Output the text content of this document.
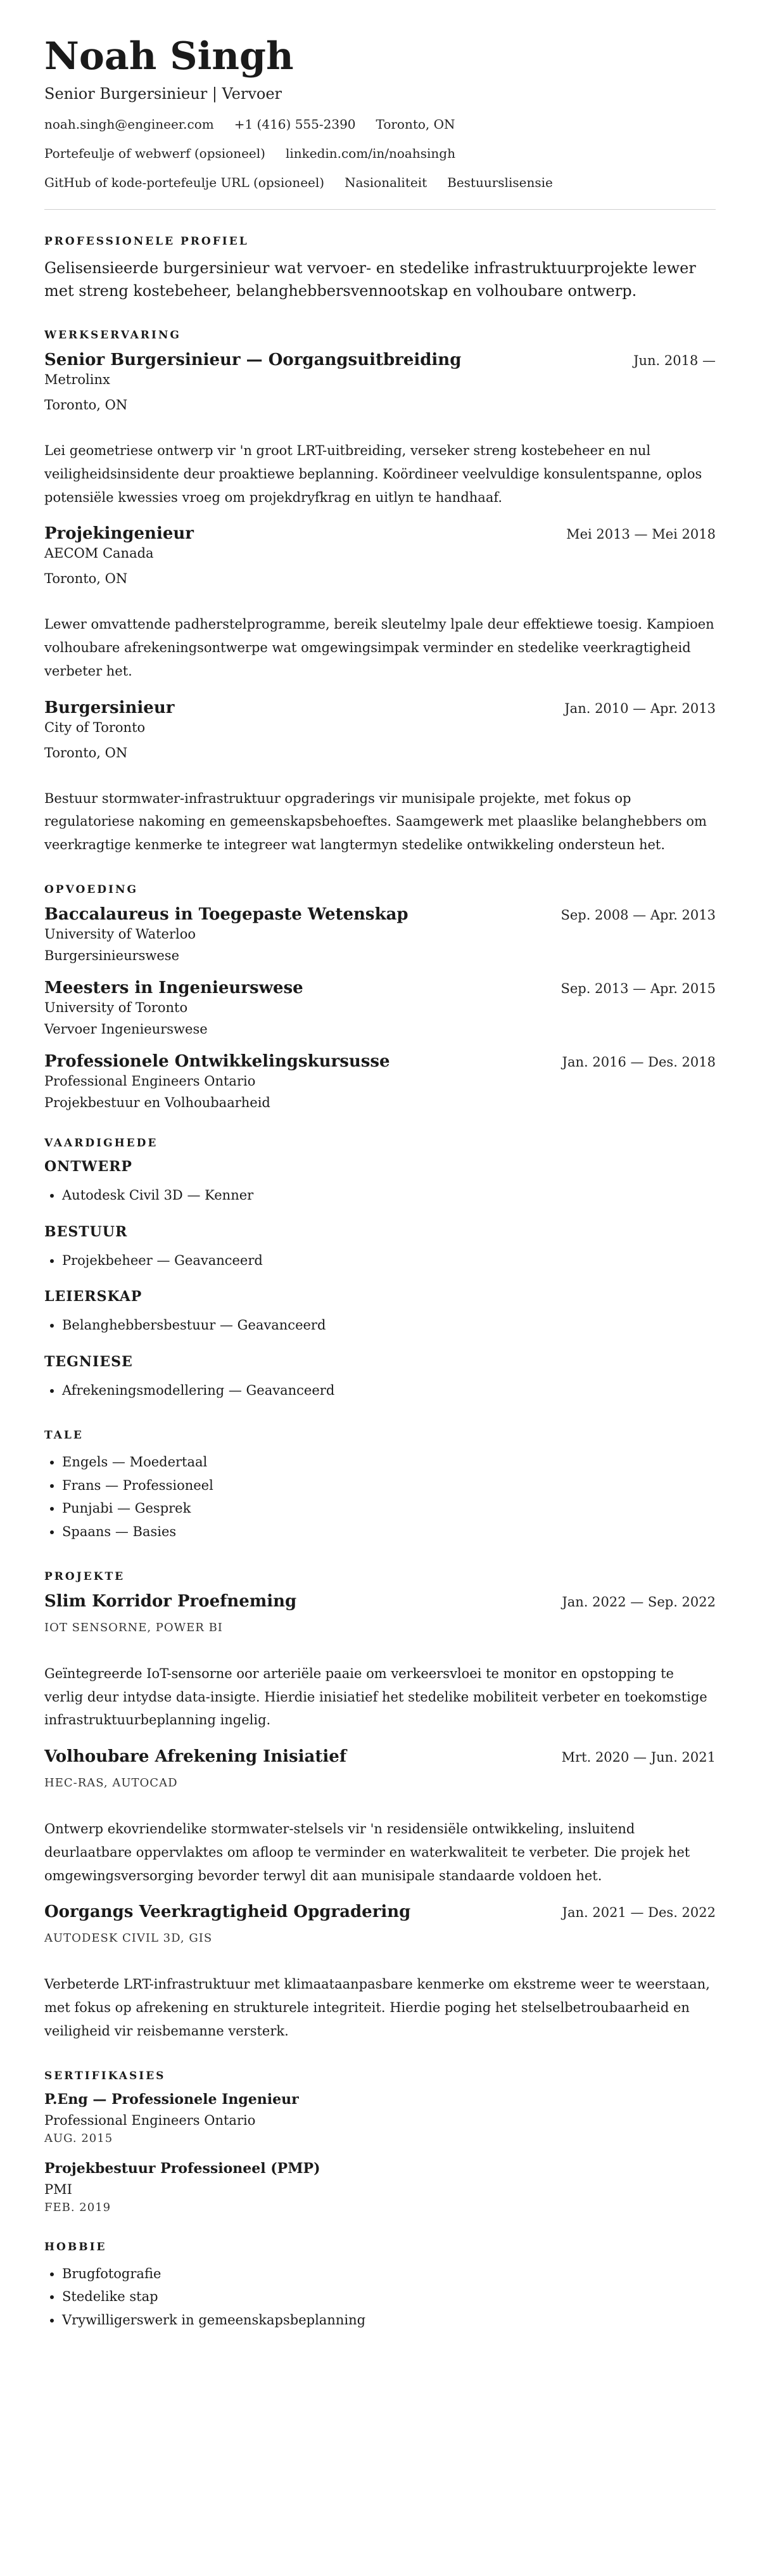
Noah Singh
Senior Burgersinieur | Vervoer
noah.singh@engineer.com +1 (416) 555-2390 Toronto, ON
Portefeulje of webwerf (opsioneel) linkedin.com/in/noahsingh
GitHub of kode-portefeulje URL (opsioneel) Nasionaliteit Bestuurslisensie
PROFESSIONELE PROFIEL
Gelisensieerde burgersinieur wat vervoer- en stedelike infrastruktuurprojekte lewer met streng kostebeheer, belanghebbersvennootskap en volhoubare ontwerp.
WERKSERVARING
Senior Burgersinieur — Oorgangsuitbreiding	Jun. 2018 —
Metrolinx
Toronto, ON
Lei geometriese ontwerp vir 'n groot LRT-uitbreiding, verseker streng kostebeheer en nul veiligheidsinsidente deur proaktiewe beplanning. Koördineer veelvuldige konsulentspanne, oplos potensiële kwessies vroeg om projekdryfkrag en uitlyn te handhaaf.
Projekingenieur	Mei 2013 — Mei 2018
AECOM Canada
Toronto, ON
Lewer omvattende padherstelprogramme, bereik sleutelmy lpale deur effektiewe toesig. Kampioen volhoubare afrekeningsontwerpe wat omgewingsimpak verminder en stedelike veerkragtigheid verbeter het.
Burgersinieur	Jan. 2010 — Apr. 2013
City of Toronto
Toronto, ON
Bestuur stormwater-infrastruktuur opgraderings vir munisipale projekte, met fokus op regulatoriese nakoming en gemeenskapsbehoeftes. Saamgewerk met plaaslike belanghebbers om veerkragtige kenmerke te integreer wat langtermyn stedelike ontwikkeling ondersteun het.
OPVOEDING
Baccalaureus in Toegepaste Wetenskap	Sep. 2008 — Apr. 2013
University of Waterloo
Burgersinieurswese
Meesters in Ingenieurswese	Sep. 2013 — Apr. 2015
University of Toronto
Vervoer Ingenieurswese
Professionele Ontwikkelingskursusse	Jan. 2016 — Des. 2018
Professional Engineers Ontario
Projekbestuur en Volhoubaarheid
VAARDIGHEDE
ONTWERP
• Autodesk Civil 3D — Kenner
BESTUUR
• Projekbeheer — Geavanceerd
LEIERSKAP
• Belanghebbersbestuur — Geavanceerd
TEGNIESE
• Afrekeningsmodellering — Geavanceerd
TALE
• Engels — Moedertaal
• Frans — Professioneel
• Punjabi — Gesprek
• Spaans — Basies
PROJEKTE
Slim Korridor Proefneming	Jan. 2022 — Sep. 2022
IOT SENSORNE, POWER BI
Geïntegreerde IoT-sensorne oor arteriële paaie om verkeersvloei te monitor en opstopping te verlig deur intydse data-insigte. Hierdie inisiatief het stedelike mobiliteit verbeter en toekomstige infrastruktuurbeplanning ingelig.
Volhoubare Afrekening Inisiatief	Mrt. 2020 — Jun. 2021
HEC-RAS, AUTOCAD
Ontwerp ekovriendelike stormwater-stelsels vir 'n residensiële ontwikkeling, insluitend deurlaatbare oppervlaktes om afloop te verminder en waterkwaliteit te verbeter. Die projek het omgewingsversorging bevorder terwyl dit aan munisipale standaarde voldoen het.
Oorgangs Veerkragtigheid Opgradering	Jan. 2021 — Des. 2022
AUTODESK CIVIL 3D, GIS
Verbeterde LRT-infrastruktuur met klimaataanpasbare kenmerke om ekstreme weer te weerstaan, met fokus op afrekening en strukturele integriteit. Hierdie poging het stelselbetroubaarheid en veiligheid vir reisbemanne versterk.
SERTIFIKASIES
P.Eng — Professionele Ingenieur
Professional Engineers Ontario
AUG. 2015
Projekbestuur Professioneel (PMP)
PMI
FEB. 2019
HOBBIE
• Brugfotografie
• Stedelike stap
• Vrywilligerswerk in gemeenskapsbeplanning
